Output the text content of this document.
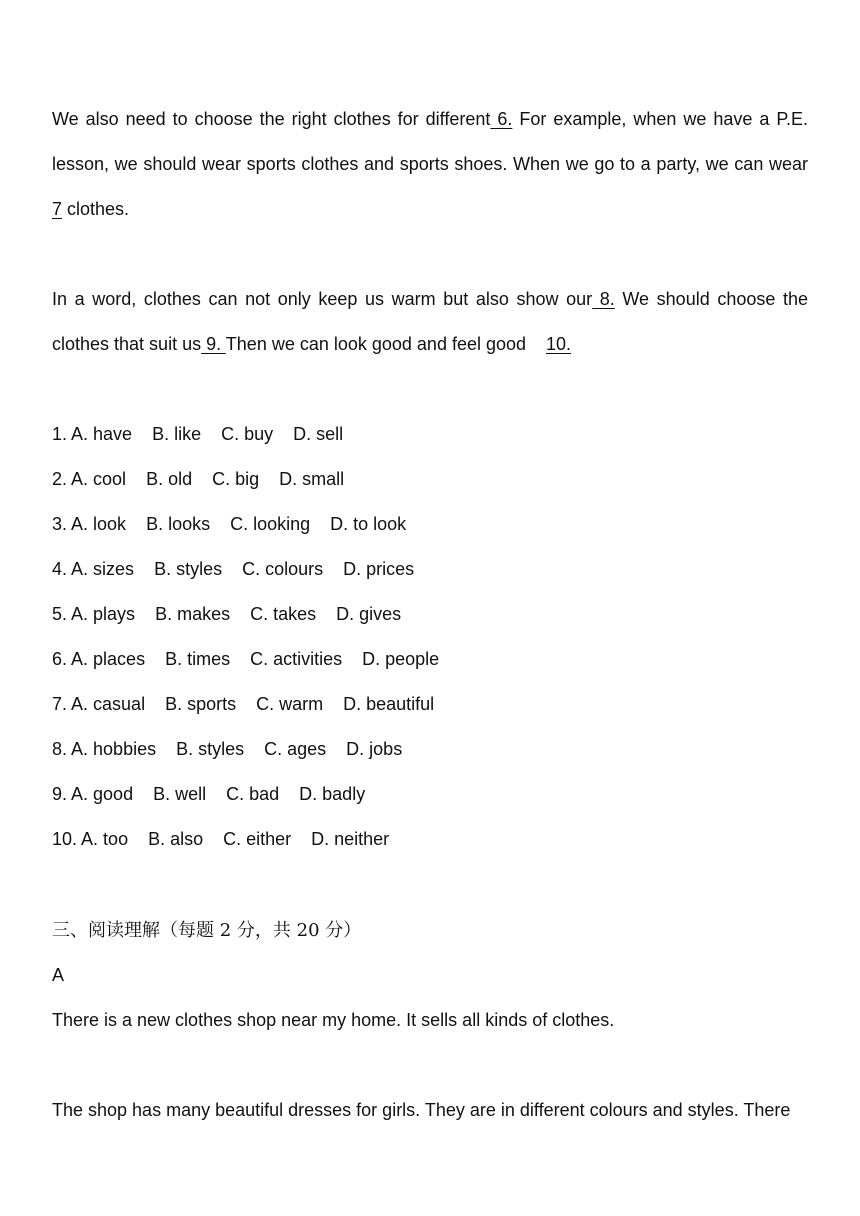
We also need to choose the right clothes for different 6. For example, when we have a P.E. lesson, we should wear sports clothes and sports shoes. When we go to a party, we can wear 7 clothes.

In a word, clothes can not only keep us warm but also show our 8. We should choose the clothes that suit us 9. Then we can look good and feel good    10.

1. A. have B. like C. buy D. sell
2. A. cool B. old C. big D. small
3. A. look B. looks C. looking D. to look
4. A. sizes B. styles C. colours D. prices
5. A. plays B. makes C. takes D. gives
6. A. places B. times C. activities D. people
7. A. casual B. sports C. warm D. beautiful
8. A. hobbies B. styles C. ages D. jobs
9. A. good B. well C. bad D. badly
10. A. too B. also C. either D. neither
三、阅读理解（每题 2 分，共 20 分）
A

There is a new clothes shop near my home. It sells all kinds of clothes.

The shop has many beautiful dresses for girls. They are in different colours and styles. There
